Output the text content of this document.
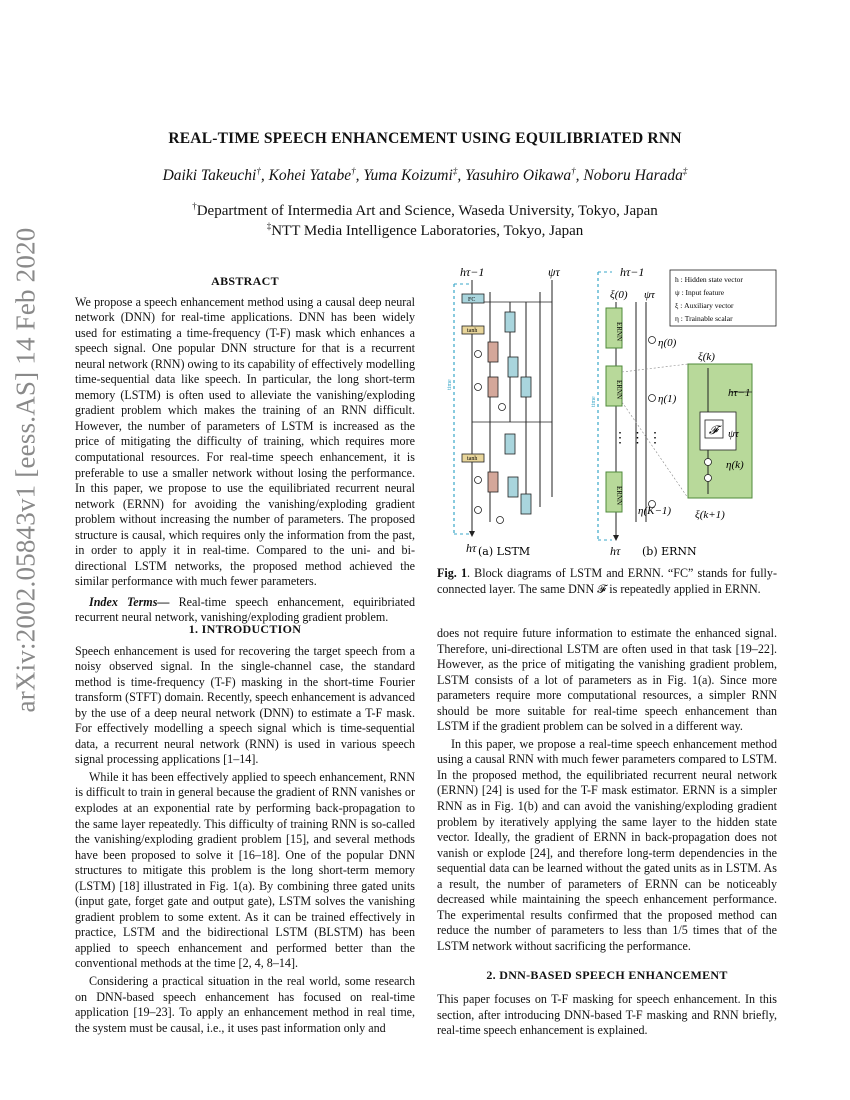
arXiv:2002.05843v1 [eess.AS] 14 Feb 2020
REAL-TIME SPEECH ENHANCEMENT USING EQUILIBRIATED RNN
Daiki Takeuchi†, Kohei Yatabe†, Yuma Koizumi‡, Yasuhiro Oikawa†, Noboru Harada‡
†Department of Intermedia Art and Science, Waseda University, Tokyo, Japan
‡NTT Media Intelligence Laboratories, Tokyo, Japan
ABSTRACT

We propose a speech enhancement method using a causal deep neural network (DNN) for real-time applications. DNN has been widely used for estimating a time-frequency (T-F) mask which enhances a speech signal. One popular DNN structure for that is a recurrent neural network (RNN) owing to its capability of effectively modelling time-sequential data like speech. In particular, the long short-term memory (LSTM) is often used to alleviate the vanishing/exploding gradient problem which makes the training of an RNN difficult. However, the number of parameters of LSTM is increased as the price of mitigating the difficulty of training, which requires more computational resources. For real-time speech enhancement, it is preferable to use a smaller network without losing the performance. In this paper, we propose to use the equilibriated recurrent neural network (ERNN) for avoiding the vanishing/exploding gradient problem without increasing the number of parameters. The proposed structure is causal, which requires only the information from the past, in order to apply it in real-time. Compared to the uni- and bi-directional LSTM networks, the proposed method achieved the similar performance with much fewer parameters.

Index Terms— Real-time speech enhancement, equiribriated recurrent neural network, vanishing/exploding gradient problem.

1. INTRODUCTION

Speech enhancement is used for recovering the target speech from a noisy observed signal. In the single-channel case, the standard method is time-frequency (T-F) masking in the short-time Fourier transform (STFT) domain. Recently, speech enhancement is advanced by the use of a deep neural network (DNN) to estimate a T-F mask. For effectively modelling a speech signal which is time-sequential data, a recurrent neural network (RNN) is used in various speech signal processing applications [1–14].

While it has been effectively applied to speech enhancement, RNN is difficult to train in general because the gradient of RNN vanishes or explodes at an exponential rate by performing back-propagation to the same layer repeatedly. This difficulty of training RNN is so-called the vanishing/exploding gradient problem [15], and several methods have been proposed to solve it [16–18]. One of the popular DNN structures to mitigate this problem is the long short-term memory (LSTM) [18] illustrated in Fig. 1(a). By combining three gated units (input gate, forget gate and output gate), LSTM solves the vanishing gradient problem to some extent. As it can be trained effectively in practice, LSTM and the bidirectional LSTM (BLSTM) has been applied to speech enhancement and performed better than the conventional methods at the time [2, 4, 8–14].

Considering a practical situation in the real world, some research on DNN-based speech enhancement has focused on real-time application [19–23]. To apply an enhancement method in real time, the system must be causal, i.e., it uses past information only and

hτ−1	ψτ
time
FC
tanh
tanh
hτ (a) LSTM
hτ−1
ξ(0) ψτ
time
ERNN
ERNN
ERNN
η(0)
η(1)
η(K−1)
⋮ ⋮ ⋮
hτ (b) ERNN
ξ(k)
ξ(k+1)
𝓕
hτ−1
ψτ
η(k)
h : Hidden state vector
ψ : Input feature
ξ : Auxiliary vector
η : Trainable scalar
Fig. 1. Block diagrams of LSTM and ERNN. “FC” stands for fully-connected layer. The same DNN 𝓕 is repeatedly applied in ERNN.

does not require future information to estimate the enhanced signal. Therefore, uni-directional LSTM are often used in that task [19–22]. However, as the price of mitigating the vanishing gradient problem, LSTM consists of a lot of parameters as in Fig. 1(a). Since more parameters require more computational resources, a simpler RNN should be more suitable for real-time speech enhancement than LSTM if the gradient problem can be solved in a different way.

In this paper, we propose a real-time speech enhancement method using a causal RNN with much fewer parameters compared to LSTM. In the proposed method, the equilibriated recurrent neural network (ERNN) [24] is used for the T-F mask estimator. ERNN is a simpler RNN as in Fig. 1(b) and can avoid the vanishing/exploding gradient problem by iteratively applying the same layer to the hidden state vector. Ideally, the gradient of ERNN in back-propagation does not vanish or explode [24], and therefore long-term dependencies in the sequential data can be learned without the gated units as in LSTM. As a result, the number of parameters of ERNN can be noticeably decreased while maintaining the speech enhancement performance. The experimental results confirmed that the proposed method can reduce the number of parameters to less than 1/5 times that of the LSTM network without sacrificing the performance.

2. DNN-BASED SPEECH ENHANCEMENT

This paper focuses on T-F masking for speech enhancement. In this section, after introducing DNN-based T-F masking and RNN briefly, real-time speech enhancement is explained.
